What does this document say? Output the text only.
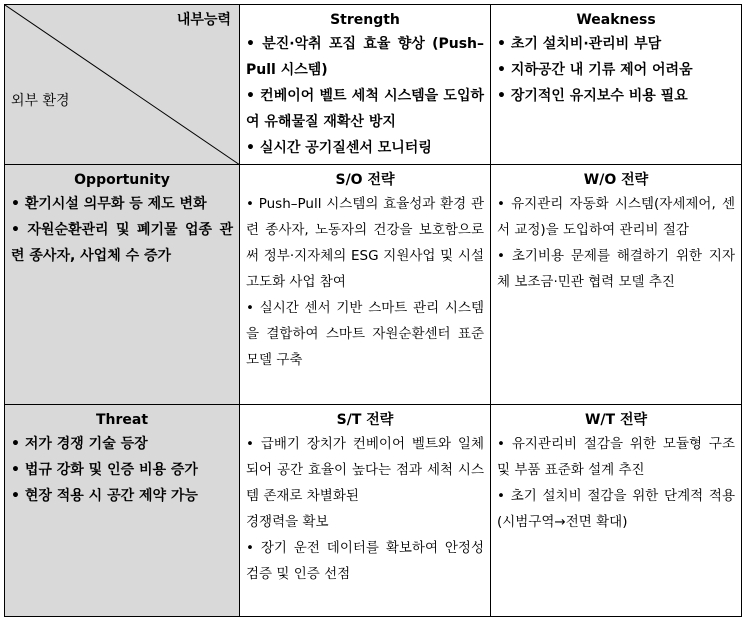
내부능력
외부 환경
Strength
• 분진·악취 포집 효율 향상 (Push–Pull 시스템)
• 컨베이어 벨트 세척 시스템을 도입하여 유해물질 재확산 방지
• 실시간 공기질센서 모니터링
Weakness
• 초기 설치비·관리비 부담
• 지하공간 내 기류 제어 어려움
• 장기적인 유지보수 비용 필요
Opportunity
• 환기시설 의무화 등 제도 변화
• 자원순환관리 및 폐기물 업종 관련 종사자, 사업체 수 증가
S/O 전략
• Push–Pull 시스템의 효율성과 환경 관련 종사자, 노동자의 건강을 보호함으로써 정부·지자체의 ESG 지원사업 및 시설고도화 사업 참여
• 실시간 센서 기반 스마트 관리 시스템을 결합하여 스마트 자원순환센터 표준 모델 구축
W/O 전략
• 유지관리 자동화 시스템(자세제어, 센서 교정)을 도입하여 관리비 절감
• 초기비용 문제를 해결하기 위한 지자체 보조금·민관 협력 모델 추진
Threat
• 저가 경쟁 기술 등장
• 법규 강화 및 인증 비용 증가
• 현장 적용 시 공간 제약 가능
S/T 전략
• 급배기 장치가 컨베이어 벨트와 일체되어 공간 효율이 높다는 점과 세척 시스템 존재로 차별화된
경쟁력을 확보
• 장기 운전 데이터를 확보하여 안정성 검증 및 인증 선점
W/T 전략
• 유지관리비 절감을 위한 모듈형 구조 및 부품 표준화 설계 추진
• 초기 설치비 절감을 위한 단계적 적용(시범구역→전면 확대)
